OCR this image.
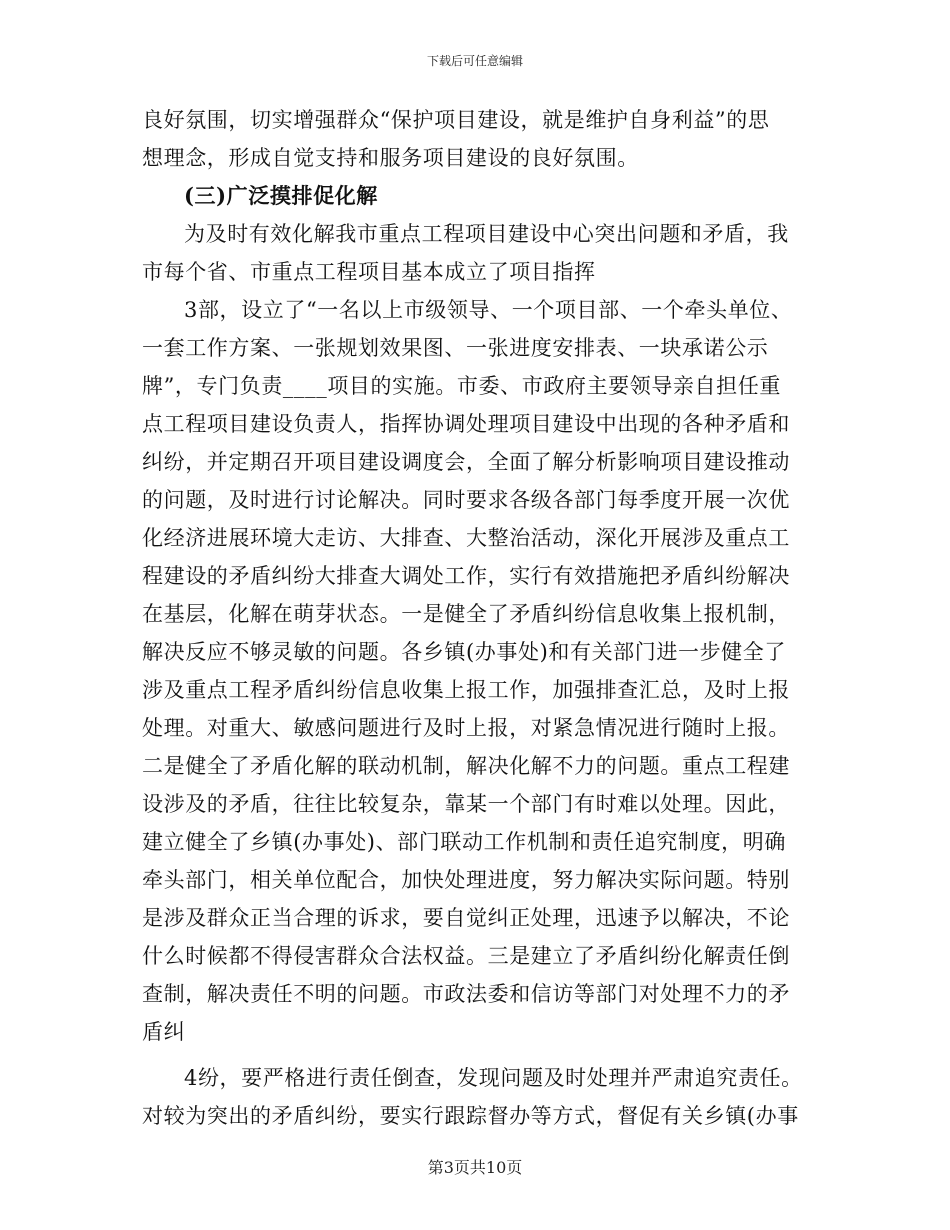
下载后可任意编辑
良好氛围，切实增强群众“保护项目建设，就是维护自身利益”的思
想理念，形成自觉支持和服务项目建设的良好氛围。
(三)广泛摸排促化解
为及时有效化解我市重点工程项目建设中心突出问题和矛盾，我
市每个省、市重点工程项目基本成立了项目指挥
3部，设立了“一名以上市级领导、一个项目部、一个牵头单位、
一套工作方案、一张规划效果图、一张进度安排表、一块承诺公示
牌”，专门负责____项目的实施。市委、市政府主要领导亲自担任重
点工程项目建设负责人，指挥协调处理项目建设中出现的各种矛盾和
纠纷，并定期召开项目建设调度会，全面了解分析影响项目建设推动
的问题，及时进行讨论解决。同时要求各级各部门每季度开展一次优
化经济进展环境大走访、大排查、大整治活动，深化开展涉及重点工
程建设的矛盾纠纷大排查大调处工作，实行有效措施把矛盾纠纷解决
在基层，化解在萌芽状态。一是健全了矛盾纠纷信息收集上报机制，
解决反应不够灵敏的问题。各乡镇(办事处)和有关部门进一步健全了
涉及重点工程矛盾纠纷信息收集上报工作，加强排查汇总，及时上报
处理。对重大、敏感问题进行及时上报，对紧急情况进行随时上报。
二是健全了矛盾化解的联动机制，解决化解不力的问题。重点工程建
设涉及的矛盾，往往比较复杂，靠某一个部门有时难以处理。因此，
建立健全了乡镇(办事处)、部门联动工作机制和责任追究制度，明确
牵头部门，相关单位配合，加快处理进度，努力解决实际问题。特别
是涉及群众正当合理的诉求，要自觉纠正处理，迅速予以解决，不论
什么时候都不得侵害群众合法权益。三是建立了矛盾纠纷化解责任倒
查制，解决责任不明的问题。市政法委和信访等部门对处理不力的矛
盾纠
4纷，要严格进行责任倒查，发现问题及时处理并严肃追究责任。
对较为突出的矛盾纠纷，要实行跟踪督办等方式，督促有关乡镇(办事
第3页共10页
